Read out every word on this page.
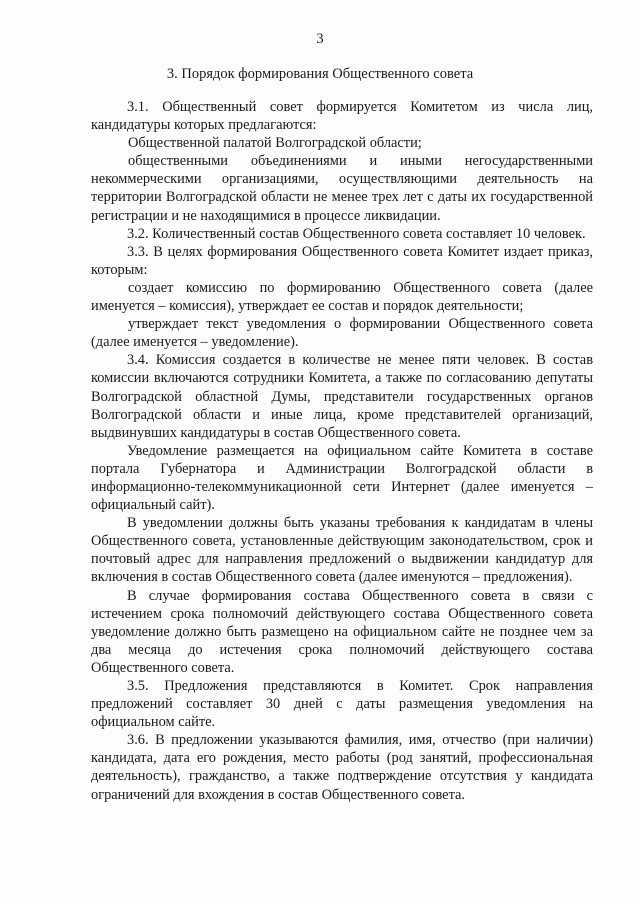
3
3. Порядок формирования Общественного совета

3.1. Общественный совет формируется Комитетом из числа лиц, кандидатуры которых предлагаются:

Общественной палатой Волгоградской области;

общественными объединениями и иными негосударственными некоммерческими организациями, осуществляющими деятельность на территории Волгоградской области не менее трех лет с даты их государственной регистрации и не находящимися в процессе ликвидации.

3.2. Количественный состав Общественного совета составляет 10 человек.

3.3. В целях формирования Общественного совета Комитет издает приказ, которым:

создает комиссию по формированию Общественного совета (далее именуется – комиссия), утверждает ее состав и порядок деятельности;

утверждает текст уведомления о формировании Общественного совета (далее именуется – уведомление).

3.4. Комиссия создается в количестве не менее пяти человек. В состав комиссии включаются сотрудники Комитета, а также по согласованию депутаты Волгоградской областной Думы, представители государственных органов Волгоградской области и иные лица, кроме представителей организаций, выдвинувших кандидатуры в состав Общественного совета.

Уведомление размещается на официальном сайте Комитета в составе портала Губернатора и Администрации Волгоградской области в информационно-телекоммуникационной сети Интернет (далее именуется – официальный сайт).

В уведомлении должны быть указаны требования к кандидатам в члены Общественного совета, установленные действующим законодательством, срок и почтовый адрес для направления предложений о выдвижении кандидатур для включения в состав Общественного совета (далее именуются – предложения).

В случае формирования состава Общественного совета в связи с истечением срока полномочий действующего состава Общественного совета уведомление должно быть размещено на официальном сайте не позднее чем за два месяца до истечения срока полномочий действующего состава Общественного совета.

3.5. Предложения представляются в Комитет. Срок направления предложений составляет 30 дней с даты размещения уведомления на официальном сайте.

3.6. В предложении указываются фамилия, имя, отчество (при наличии) кандидата, дата его рождения, место работы (род занятий, профессиональная деятельность), гражданство, а также подтверждение отсутствия у кандидата ограничений для вхождения в состав Общественного совета.
